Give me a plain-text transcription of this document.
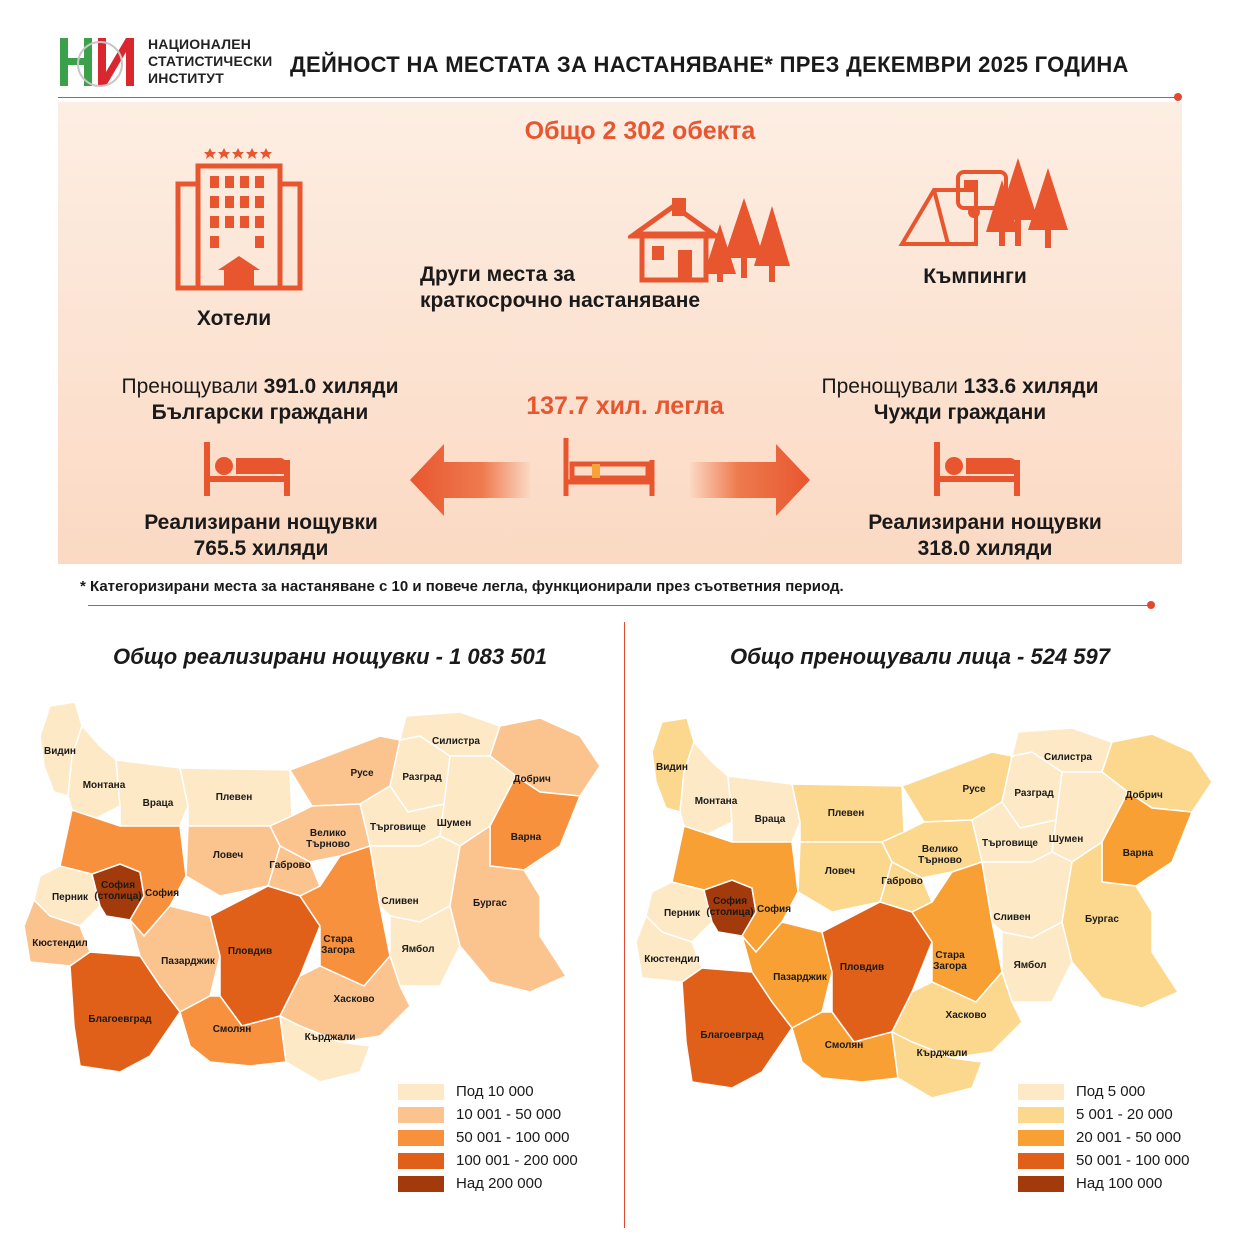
НАЦИОНАЛЕН
СТАТИСТИЧЕСКИ
ИНСТИТУТ
ДЕЙНОСТ НА МЕСТАТА ЗА НАСТАНЯВАНЕ* ПРЕЗ ДЕКЕМВРИ 2025 ГОДИНА
Общо 2 302 обекта
Хотели
Други места за
краткосрочно настаняване
Къмпинги
Пренощували 391.0 хиляди
Български граждани
Реализирани нощувки
765.5 хиляди
137.7 хил. легла
Пренощували 133.6 хиляди
Чужди граждани
Реализирани нощувки
318.0 хиляди
* Категоризирани места за настаняване с 10 и повече легла, функционирали през съответния период.
Общо реализирани нощувки - 1 083 501
Видин
Монтана
Враца
Плевен
Русе	Разград
Силистра
Добрич
Шумен
Търговище
Варна
Велико Търново
Ловеч
Габрово
Перник
София (столица) София
Кюстендил
Пазарджик
Пловдив
Стара Загора
Сливен
Ямбол
Бургас
Благоевград
Смолян
Хасково
Кърджали
Под 10 000
10 001 - 50 000
50 001 - 100 000
100 001 - 200 000
Над 200 000
Общо пренощували лица - 524 597
Видин
Монтана
Враца
Плевен
Русе	Разград
Силистра
Добрич
Шумен
Търговище
Варна
Велико Търново
Ловеч
Габрово
Перник
София (столица) София
Кюстендил
Пазарджик
Пловдив
Стара Загора
Сливен
Ямбол
Бургас
Благоевград
Смолян
Хасково
Кърджали
Под 5 000
5 001 - 20 000
20 001 - 50 000
50 001 - 100 000
Над 100 000
